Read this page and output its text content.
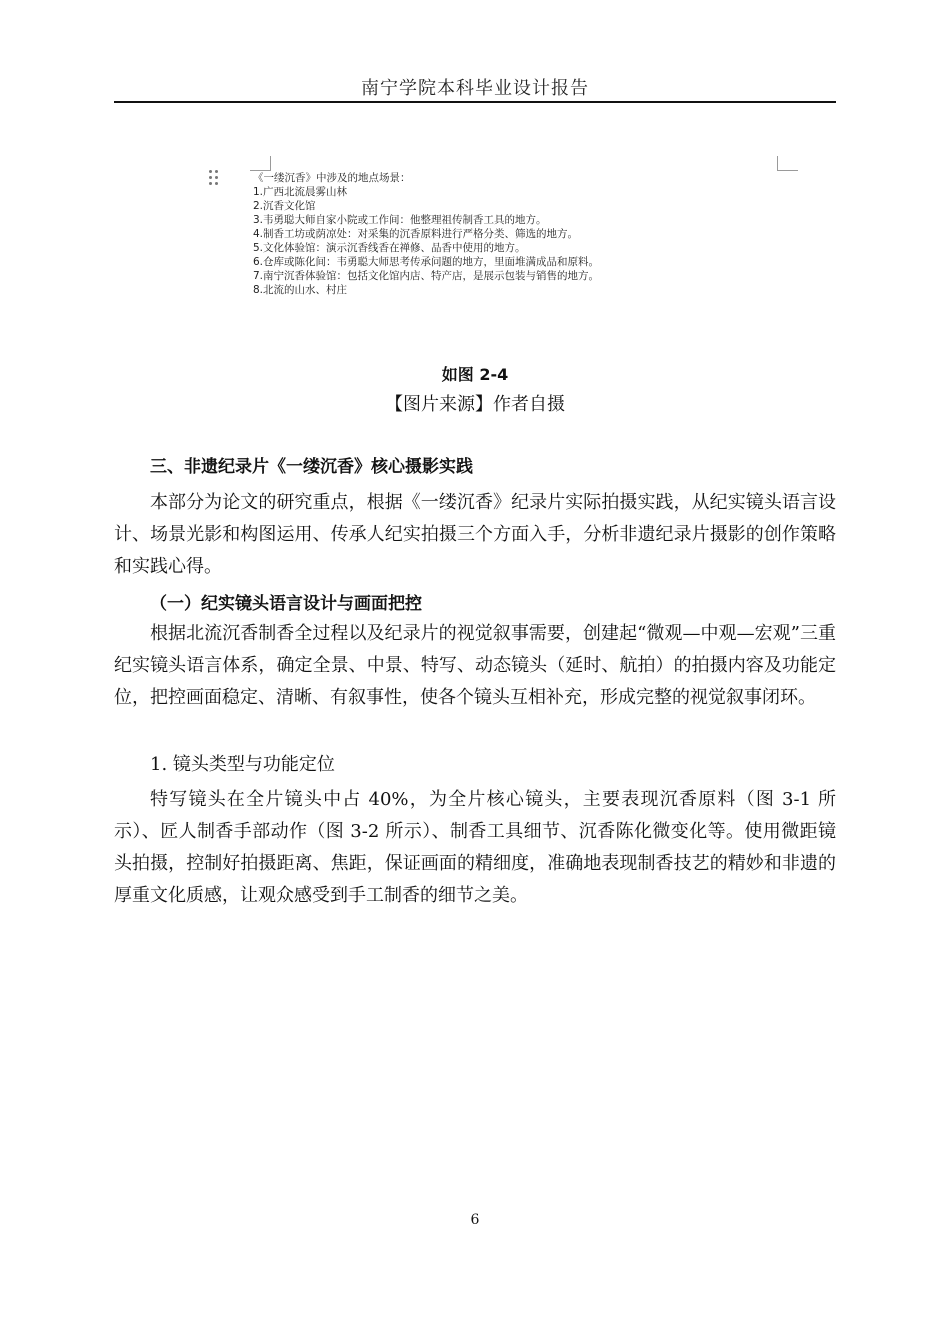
南宁学院本科毕业设计报告
《一缕沉香》中涉及的地点场景：
1.广西北流晨雾山林
2.沉香文化馆
3.韦勇聪大师自家小院或工作间：他整理祖传制香工具的地方。
4.制香工坊或荫凉处：对采集的沉香原料进行严格分类、筛选的地方。
5.文化体验馆：演示沉香线香在禅修、品香中使用的地方。
6.仓库或陈化间：韦勇聪大师思考传承问题的地方，里面堆满成品和原料。
7.南宁沉香体验馆：包括文化馆内店、特产店，是展示包装与销售的地方。
8.北流的山水、村庄
如图 2-4
【图片来源】作者自摄
三、非遗纪录片《一缕沉香》核心摄影实践
本部分为论文的研究重点，根据《一缕沉香》纪录片实际拍摄实践，从纪实镜头语言设计、场景光影和构图运用、传承人纪实拍摄三个方面入手，分析非遗纪录片摄影的创作策略和实践心得。
（一）纪实镜头语言设计与画面把控
根据北流沉香制香全过程以及纪录片的视觉叙事需要，创建起“微观—中观—宏观”三重纪实镜头语言体系，确定全景、中景、特写、动态镜头（延时、航拍）的拍摄内容及功能定位，把控画面稳定、清晰、有叙事性，使各个镜头互相补充，形成完整的视觉叙事闭环。
1. 镜头类型与功能定位
特写镜头在全片镜头中占 40%，为全片核心镜头，主要表现沉香原料（图 3-1 所示）、匠人制香手部动作（图 3-2 所示）、制香工具细节、沉香陈化微变化等。使用微距镜头拍摄，控制好拍摄距离、焦距，保证画面的精细度，准确地表现制香技艺的精妙和非遗的厚重文化质感，让观众感受到手工制香的细节之美。
6
